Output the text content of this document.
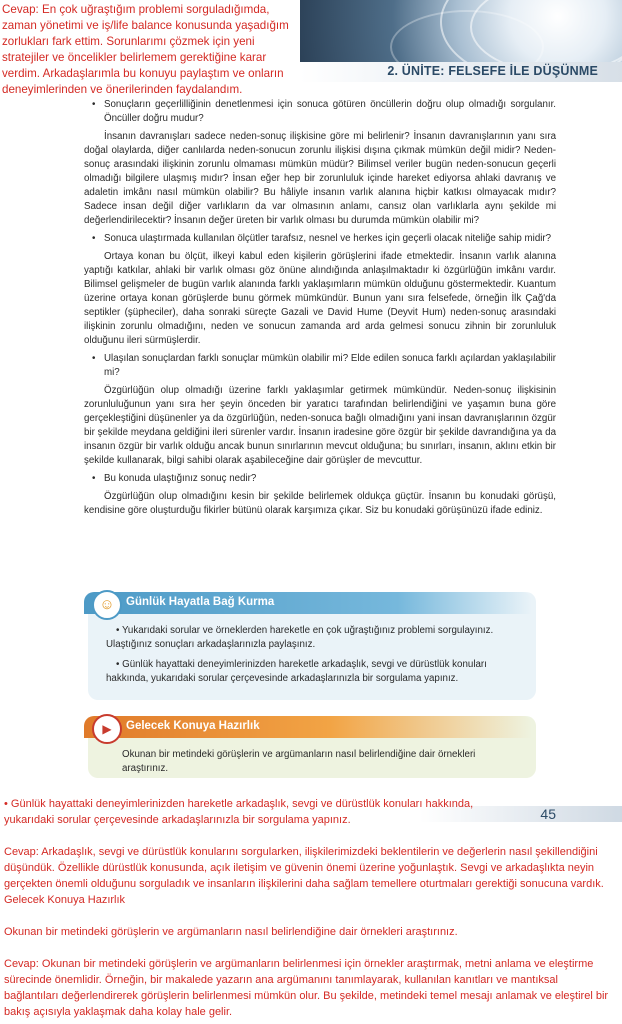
Cevap: En çok uğraştığım problemi sorguladığımda, zaman yönetimi ve iş/life balance konusunda yaşadığım zorlukları fark ettim. Sorunlarımı çözmek için yeni stratejiler ve öncelikler belirlemem gerektiğine karar verdim. Arkadaşlarımla bu konuyu paylaştım ve onların deneyimlerinden ve önerilerinden faydalandım.
2. ÜNİTE: FELSEFE İLE DÜŞÜNME
• Sonuçların geçerlilliğinin denetlenmesi için sonuca götüren öncüllerin doğru olup olmadığı sorgulanır. Öncüller doğru mudur?

İnsanın davranışları sadece neden-sonuç ilişkisine göre mi belirlenir? İnsanın davranışlarının yanı sıra doğal olaylarda, diğer canlılarda neden-sonucun zorunlu ilişkisi dışına çıkmak mümkün değil midir? Neden-sonuç arasındaki ilişkinin zorunlu olmaması mümkün müdür? Bilimsel veriler bugün neden-sonucun geçerli olmadığı bilgilere ulaşmış mıdır? İnsan eğer hep bir zorunluluk içinde hareket ediyorsa ahlaki davranış ve adaletin imkânı nasıl mümkün olabilir? Bu hâliyle insanın varlık alanına hiçbir katkısı olmayacak mıdır? Sadece insan değil diğer varlıkların da var olmasının anlamı, cansız olan varlıklarla aynı şekilde mi değerlendirilecektir? İnsanın değer üreten bir varlık olması bu durumda mümkün olabilir mi?

• Sonuca ulaştırmada kullanılan ölçütler tarafsız, nesnel ve herkes için geçerli olacak niteliğe sahip midir?

Ortaya konan bu ölçüt, ilkeyi kabul eden kişilerin görüşlerini ifade etmektedir. İnsanın varlık alanına yaptığı katkılar, ahlaki bir varlık olması göz önüne alındığında anlaşılmaktadır ki özgürlüğün imkânı vardır. Bilimsel gelişmeler de bugün varlık alanında farklı yaklaşımların mümkün olduğunu göstermektedir. Kuantum üzerine ortaya konan görüşlerde bunu görmek mümkündür. Bunun yanı sıra felsefede, örneğin İlk Çağ'da septikler (şüpheciler), daha sonraki süreçte Gazali ve David Hume (Deyvit Hum) neden-sonuç arasındaki ilişkinin zorunlu olmadığını, neden ve sonucun zamanda ard arda gelmesi sonucu zihnin bir zorunluluk olduğunu ileri sürmüşlerdir.

• Ulaşılan sonuçlardan farklı sonuçlar mümkün olabilir mi? Elde edilen sonuca farklı açılardan yaklaşılabilir mi?

Özgürlüğün olup olmadığı üzerine farklı yaklaşımlar getirmek mümkündür. Neden-sonuç ilişkisinin zorunluluğunun yanı sıra her şeyin önceden bir yaratıcı tarafından belirlendiğini ve yaşamın buna göre gerçekleştiğini düşünenler ya da özgürlüğün, neden-sonuca bağlı olmadığını yani insan davranışlarının özgür bir şekilde meydana geldiğini ileri sürenler vardır. İnsanın iradesine göre özgür bir şekilde davrandığına ya da insanın özgür bir varlık olduğu ancak bunun sınırlarının mevcut olduğuna; bu sınırları, insanın, aklını etkin bir şekilde kullanarak, bilgi sahibi olarak aşabileceğine dair görüşler de mevcuttur.

• Bu konuda ulaştığınız sonuç nedir?

Özgürlüğün olup olmadığını kesin bir şekilde belirlemek oldukça güçtür. İnsanın bu konudaki görüşü, kendisine göre oluşturduğu fikirler bütünü olarak karşımıza çıkar. Siz bu konudaki görüşünüzü ifade ediniz.

☺ Günlük Hayatla Bağ Kurma

• Yukarıdaki sorular ve örneklerden hareketle en çok uğraştığınız problemi sorgulayınız. Ulaştığınız sonuçları arkadaşlarınızla paylaşınız.

• Günlük hayattaki deneyimlerinizden hareketle arkadaşlık, sevgi ve dürüstlük konuları hakkında, yukarıdaki sorular çerçevesinde arkadaşlarınızla bir sorgulama yapınız.

▶	Gelecek Konuya Hazırlık
Okunan bir metindeki görüşlerin ve argümanların nasıl belirlendiğine dair örnekleri araştırınız.
45

• Günlük hayattaki deneyimlerinizden hareketle arkadaşlık, sevgi ve dürüstlük konuları hakkında, yukarıdaki sorular çerçevesinde arkadaşlarınızla bir sorgulama yapınız.

Cevap: Arkadaşlık, sevgi ve dürüstlük konularını sorgularken, ilişkilerimizdeki beklentilerin ve değerlerin nasıl şekillendiğini düşündük. Özellikle dürüstlük konusunda, açık iletişim ve güvenin önemi üzerine yoğunlaştık. Sevgi ve arkadaşlıkta neyin gerçekten önemli olduğunu sorguladık ve insanların ilişkilerini daha sağlam temellere oturtmaları gerektiği sonucuna vardık.

Gelecek Konuya Hazırlık

Okunan bir metindeki görüşlerin ve argümanların nasıl belirlendiğine dair örnekleri araştırınız.

Cevap: Okunan bir metindeki görüşlerin ve argümanların belirlenmesi için örnekler araştırmak, metni anlama ve eleştirme sürecinde önemlidir. Örneğin, bir makalede yazarın ana argümanını tanımlayarak, kullanılan kanıtları ve mantıksal bağlantıları değerlendirerek görüşlerin belirlenmesi mümkün olur. Bu şekilde, metindeki temel mesajı anlamak ve eleştirel bir bakış açısıyla yaklaşmak daha kolay hale gelir.
